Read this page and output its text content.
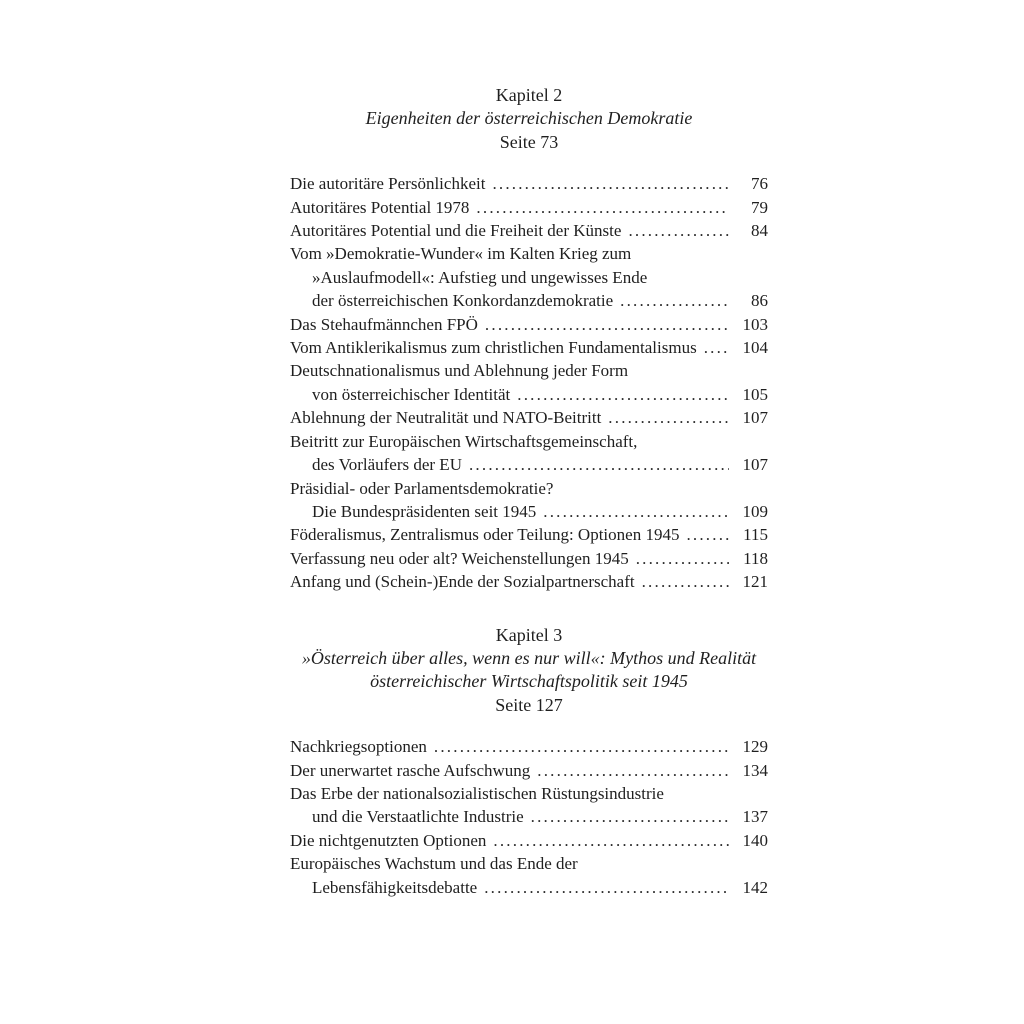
Kapitel 2
Eigenheiten der österreichischen Demokratie
Seite 73
Die autoritäre Persönlichkeit .....	76
Autoritäres Potential 1978 .....	79
Autoritäres Potential und die Freiheit der Künste .....	84
Vom »Demokratie-Wunder« im Kalten Krieg zum
»Auslaufmodell«: Aufstieg und ungewisses Ende
der österreichischen Konkordanzdemokratie .....	86
Das Stehaufmännchen FPÖ .....	103
Vom Antiklerikalismus zum christlichen Fundamentalismus .....	104
Deutschnationalismus und Ablehnung jeder Form
von österreichischer Identität .....	105
Ablehnung der Neutralität und NATO-Beitritt .....	107
Beitritt zur Europäischen Wirtschaftsgemeinschaft,
des Vorläufers der EU .....	107
Präsidial- oder Parlamentsdemokratie?
Die Bundespräsidenten seit 1945 .....	109
Föderalismus, Zentralismus oder Teilung: Optionen 1945 .....	115
Verfassung neu oder alt? Weichenstellungen 1945 .....	118
Anfang und (Schein-)Ende der Sozialpartnerschaft .....	121
Kapitel 3
»Österreich über alles, wenn es nur will«: Mythos und Realität
österreichischer Wirtschaftspolitik seit 1945
Seite 127
Nachkriegsoptionen .....	129
Der unerwartet rasche Aufschwung .....	134
Das Erbe der nationalsozialistischen Rüstungsindustrie
und die Verstaatlichte Industrie .....	137
Die nichtgenutzten Optionen .....	140
Europäisches Wachstum und das Ende der
Lebensfähigkeitsdebatte .....	142
